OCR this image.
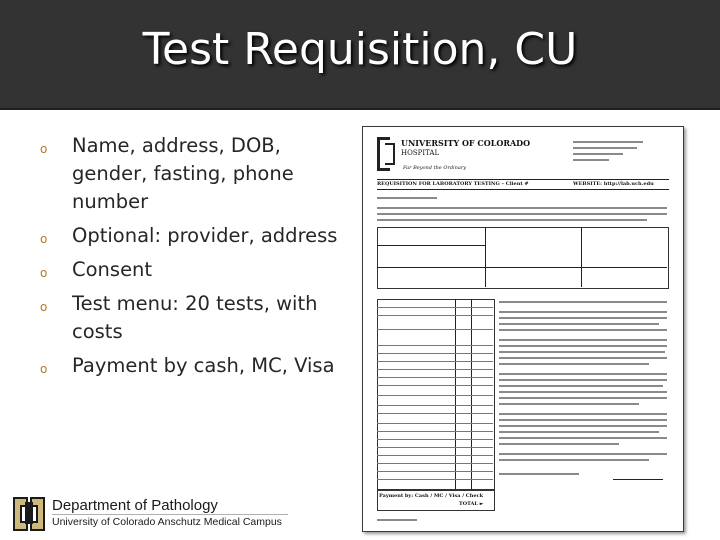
Test Requisition, CU
o Name, address, DOB, gender, fasting, phone number
o Optional: provider, address
o Consent
o Test menu: 20 tests, with costs
o Payment by cash, MC, Visa
UNIVERSITY OF COLORADO
HOSPITAL
Far Beyond the Ordinary
REQUISITION FOR LABORATORY TESTING – Client #	WEBSITE: http://lab.uch.edu
Payment by: Cash / MC / Visa / Check
TOTAL ►
Department of Pathology
University of Colorado Anschutz Medical Campus
